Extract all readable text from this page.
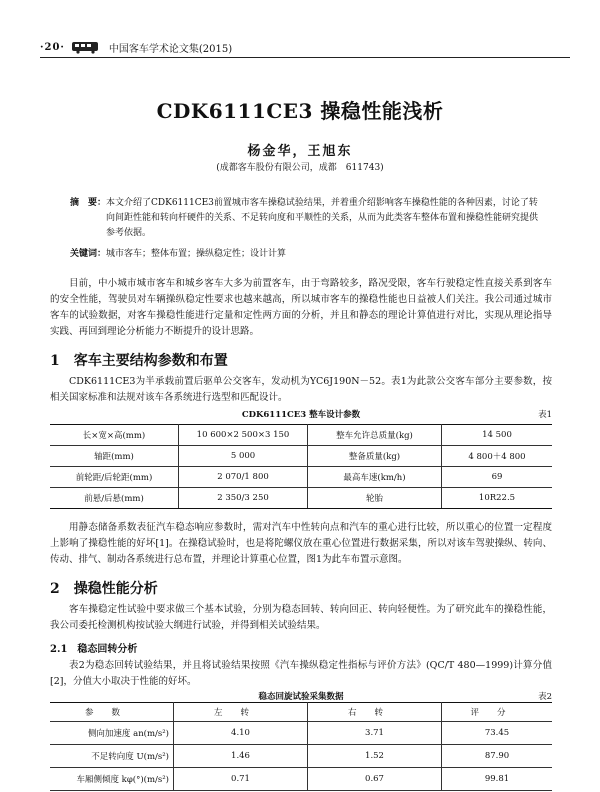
·20·	中国客车学术论文集(2015)
CDK6111CE3 操稳性能浅析
杨金华，王旭东
(成都客车股份有限公司，成都　611743)
摘　要： 本文介绍了CDK6111CE3前置城市客车操稳试验结果，并着重介绍影响客车操稳性能的各种因素，讨论了转向间距性能和转向杆硬件的关系、不足转向度和平顺性的关系，从而为此类客车整体布置和操稳性能研究提供参考依据。
关键词：城市客车；整体布置；操纵稳定性；设计计算
目前，中小城市城市客车和城乡客车大多为前置客车，由于弯路较多，路况受限，客车行驶稳定性直接关系到客车的安全性能，驾驶员对车辆操纵稳定性要求也越来越高，所以城市客车的操稳性能也日益被人们关注。我公司通过城市客车的试验数据，对客车操稳性能进行定量和定性两方面的分析，并且和静态的理论计算值进行对比，实现从理论指导实践、再回到理论分析能力不断提升的设计思路。
1 客车主要结构参数和布置
CDK6111CE3为半承载前置后驱单公交客车，发动机为YC6J190N－52。表1为此款公交客车部分主要参数，按相关国家标准和法规对该车各系统进行选型和匹配设计。
CDK6111CE3 整车设计参数	表1
长×宽×高(mm)	10 600×2 500×3 150	整车允许总质量(kg)	14 500
轴距(mm)	5 000	整备质量(kg)	4 800＋4 800
前轮距/后轮距(mm)	2 070/1 800	最高车速(km/h)	69
前悬/后悬(mm)	2 350/3 250	轮胎	10R22.5
用静态储备系数表征汽车稳态响应参数时，需对汽车中性转向点和汽车的重心进行比较，所以重心的位置一定程度上影响了操稳性能的好坏[1]。在操稳试验时，也是将陀螺仪放在重心位置进行数据采集，所以对该车驾驶操纵、转向、传动、排气、制动各系统进行总布置，并理论计算重心位置，图1为此车布置示意图。
2 操稳性能分析
客车操稳定性试验中要求做三个基本试验，分别为稳态回转、转向回正、转向轻便性。为了研究此车的操稳性能，我公司委托检测机构按试验大纲进行试验，并得到相关试验结果。
2.1 稳态回转分析
表2为稳态回转试验结果，并且将试验结果按照《汽车操纵稳定性指标与评价方法》(QC/T 480—1999)计算分值[2]，分值大小取决于性能的好坏。
稳态回旋试验采集数据	表2
参数	左转	右转	评分
侧向加速度 an(m/s²)	4.10	3.71	73.45
不足转向度 U(m/s²)	1.46	1.52	87.90
车厢侧倾度 kφ(°)(m/s²)	0.71	0.67	99.81
